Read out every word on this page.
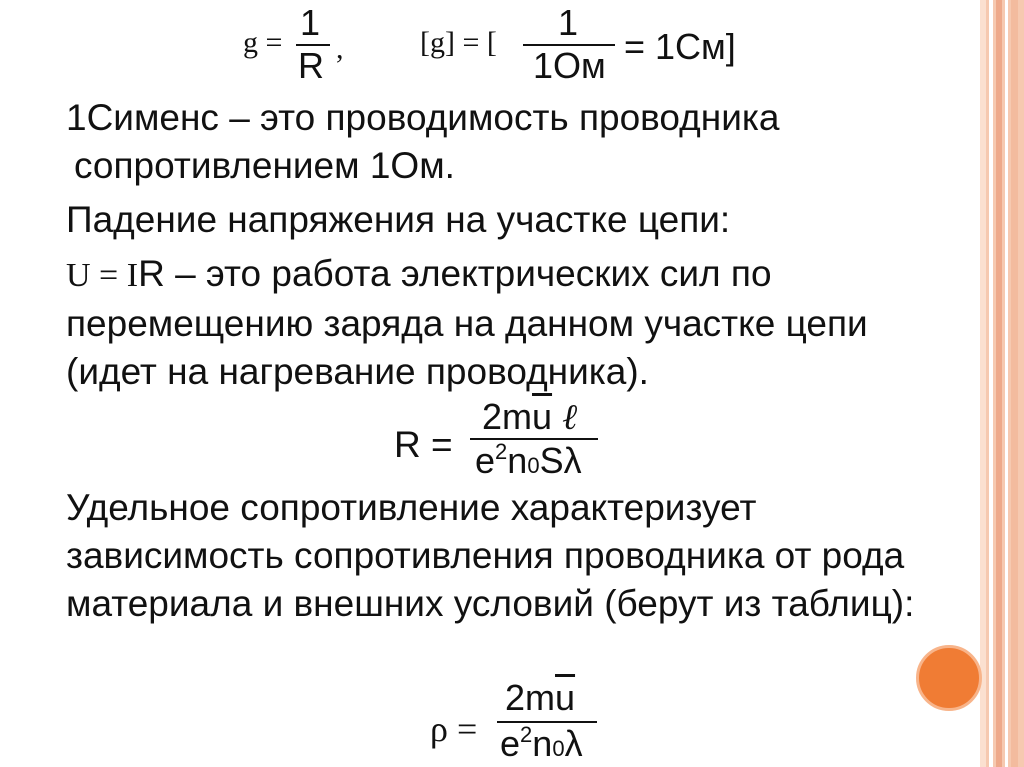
g = 1
R ,	[g] = [ 1
1Ом = 1См]

1Сименс – это проводимость проводника сопротивлением 1Ом.

Падение напряжения на участке цепи:

U = IR – это работа электрических сил по перемещению заряда на данном участке цепи (идет на нагревание проводника).

R =
$2m\overline{u}$ ℓ
$e^2n0S\lambda$

Удельное сопротивление характеризует зависимость сопротивления проводника от рода материала и внешних условий (берут из таблиц):

ρ =
$2m\overline{u}$
$e^2n0\lambda$
